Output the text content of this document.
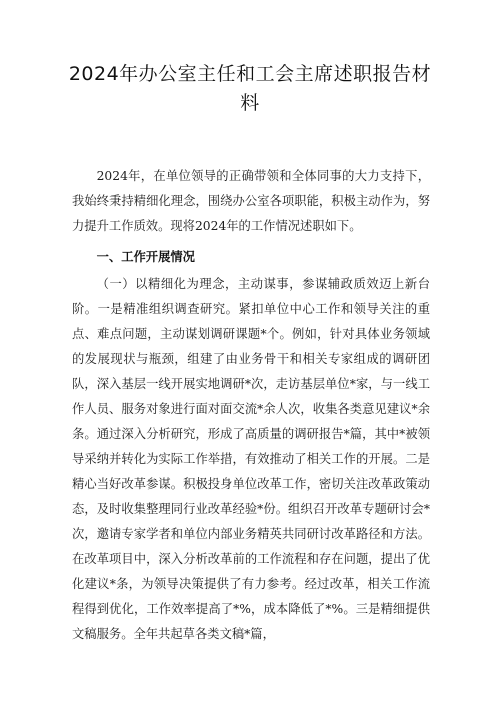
2024年办公室主任和工会主席述职报告材料

2024年，在单位领导的正确带领和全体同事的大力支持下，我始终秉持精细化理念，围绕办公室各项职能，积极主动作为，努力提升工作质效。现将2024年的工作情况述职如下。

一、工作开展情况

（一）以精细化为理念，主动谋事，参谋辅政质效迈上新台阶。一是精准组织调查研究。紧扣单位中心工作和领导关注的重点、难点问题，主动谋划调研课题*个。例如，针对具体业务领域的发展现状与瓶颈，组建了由业务骨干和相关专家组成的调研团队，深入基层一线开展实地调研*次，走访基层单位*家，与一线工作人员、服务对象进行面对面交流*余人次，收集各类意见建议*余条。通过深入分析研究，形成了高质量的调研报告*篇，其中*被领导采纳并转化为实际工作举措，有效推动了相关工作的开展。二是精心当好改革参谋。积极投身单位改革工作，密切关注改革政策动态，及时收集整理同行业改革经验*份。组织召开改革专题研讨会*次，邀请专家学者和单位内部业务精英共同研讨改革路径和方法。在改革项目中，深入分析改革前的工作流程和存在问题，提出了优化建议*条，为领导决策提供了有力参考。经过改革，相关工作流程得到优化，工作效率提高了*%，成本降低了*%。三是精细提供文稿服务。全年共起草各类文稿*篇，
